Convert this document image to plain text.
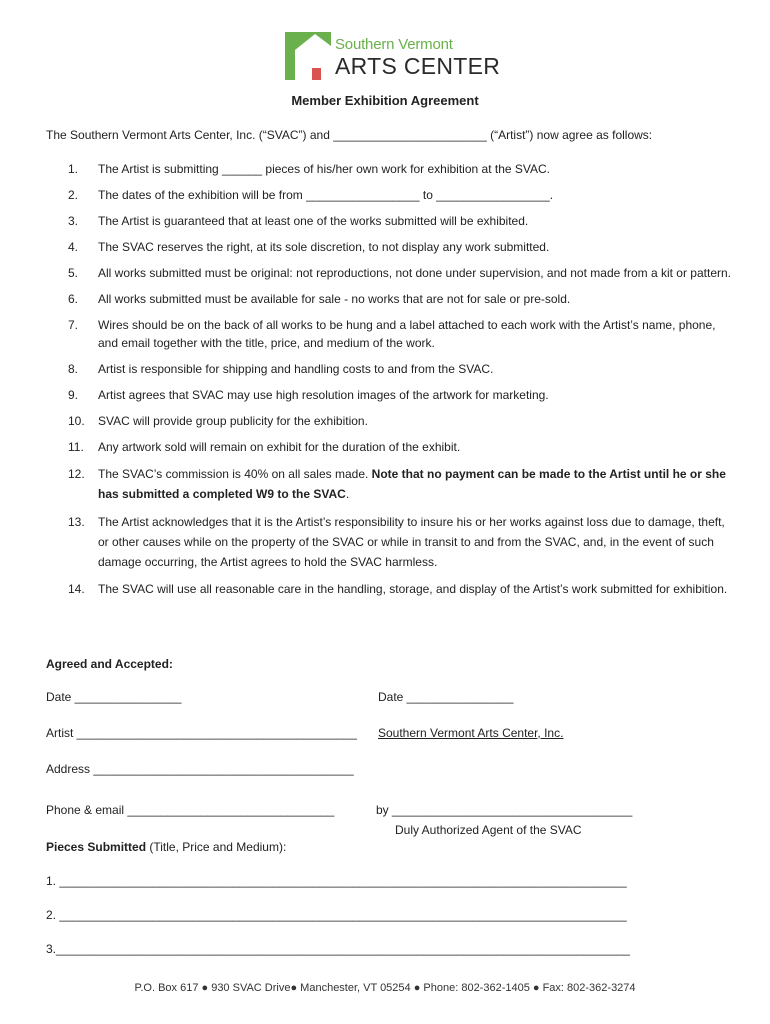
Southern Vermont
ARTS CENTER
Member Exhibition Agreement
The Southern Vermont Arts Center, Inc. (“SVAC”) and _______________________ (“Artist”) now agree as follows:
1. The Artist is submitting ______ pieces of his/her own work for exhibition at the SVAC.
2. The dates of the exhibition will be from _________________ to _________________.
3. The Artist is guaranteed that at least one of the works submitted will be exhibited.
4. The SVAC reserves the right, at its sole discretion, to not display any work submitted.
5. All works submitted must be original: not reproductions, not done under supervision, and not made from a kit or pattern.
6. All works submitted must be available for sale - no works that are not for sale or pre-sold.
7. Wires should be on the back of all works to be hung and a label attached to each work with the Artist’s name, phone, and email together with the title, price, and medium of the work.
8. Artist is responsible for shipping and handling costs to and from the SVAC.
9. Artist agrees that SVAC may use high resolution images of the artwork for marketing.
10. SVAC will provide group publicity for the exhibition.
11. Any artwork sold will remain on exhibit for the duration of the exhibit.
12. The SVAC’s commission is 40% on all sales made. Note that no payment can be made to the Artist until he or she has submitted a completed W9 to the SVAC.
13. The Artist acknowledges that it is the Artist’s responsibility to insure his or her works against loss due to damage, theft, or other causes while on the property of the SVAC or while in transit to and from the SVAC, and, in the event of such damage occurring, the Artist agrees to hold the SVAC harmless.
14. The SVAC will use all reasonable care in the handling, storage, and display of the Artist’s work submitted for exhibition.
Agreed and Accepted:
Date ________________	Date ________________
Artist __________________________________________ Southern Vermont Arts Center, Inc.
Address _______________________________________
Phone & email _______________________________	by ____________________________________
Duly Authorized Agent of the SVAC
Pieces Submitted (Title, Price and Medium):
1. _____________________________________________________________________________________
2. _____________________________________________________________________________________
3.______________________________________________________________________________________
P.O. Box 617 ● 930 SVAC Drive● Manchester, VT 05254 ● Phone: 802-362-1405 ● Fax: 802-362-3274
